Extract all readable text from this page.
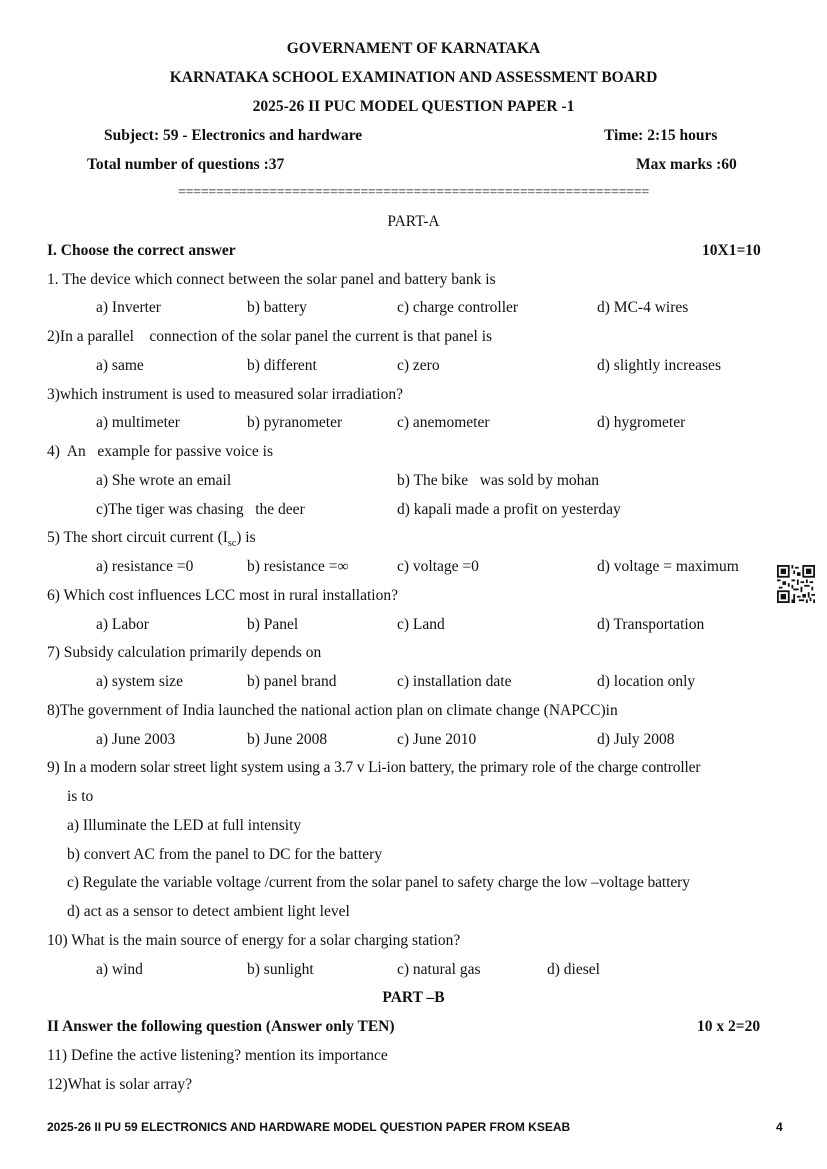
GOVERNAMENT OF KARNATAKA
KARNATAKA SCHOOL EXAMINATION AND ASSESSMENT BOARD
2025-26 II PUC MODEL QUESTION PAPER -1
Subject: 59 - Electronics and hardware	Time: 2:15 hours
Total number of questions :37	Max marks :60
==============================================================
PART-A
I. Choose the correct answer	10X1=10
1. The device which connect between the solar panel and battery bank is
a) Inverter	b) battery	c) charge controller	d) MC-4 wires
2)In a parallel    connection of the solar panel the current is that panel is
a) same	b) different	c) zero	d) slightly increases
3)which instrument is used to measured solar irradiation?
a) multimeter	b) pyranometer	c) anemometer	d) hygrometer
4)  An   example for passive voice is
a) She wrote an email	b) The bike   was sold by mohan
c)The tiger was chasing   the deer	d) kapali made a profit on yesterday
5) The short circuit current $(I_{sc})$ is
a) resistance =0	b) resistance =∞	c) voltage =0	d) voltage = maximum
6) Which cost influences LCC most in rural installation?
a) Labor	b) Panel	c) Land	d) Transportation
7) Subsidy calculation primarily depends on
a) system size	b) panel brand	c) installation date	d) location only
8)The government of India launched the national action plan on climate change (NAPCC)in
a) June 2003	b) June 2008	c) June 2010	d) July 2008
9) In a modern solar street light system using a 3.7 v Li-ion battery, the primary role of the charge controller
is to
a) Illuminate the LED at full intensity
b) convert AC from the panel to DC for the battery
c) Regulate the variable voltage /current from the solar panel to safety charge the low –voltage battery
d) act as a sensor to detect ambient light level
10) What is the main source of energy for a solar charging station?
a) wind	b) sunlight	c) natural gas	d) diesel
PART –B
II Answer the following question (Answer only TEN)	10 x 2=20
11) Define the active listening? mention its importance
12)What is solar array?
2025-26 II PU 59 ELECTRONICS AND HARDWARE MODEL QUESTION PAPER FROM KSEAB	4
